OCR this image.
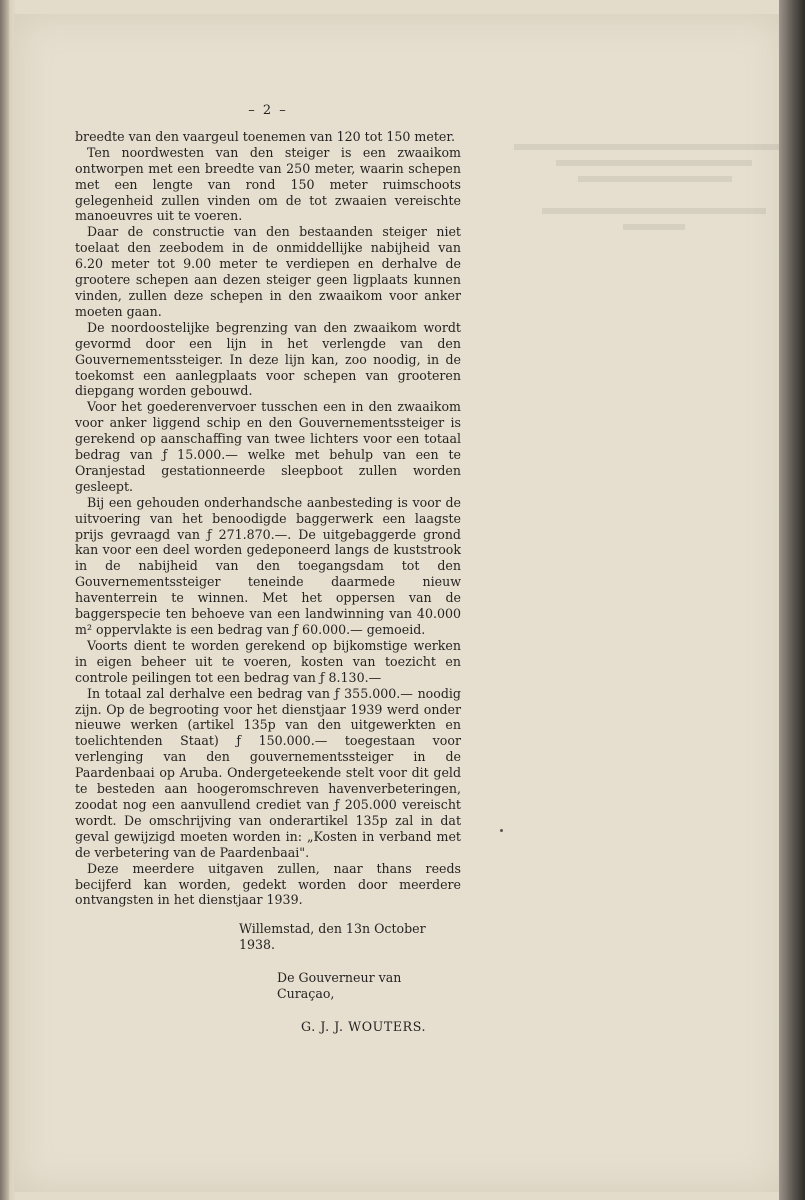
– 2 –

breedte van den vaargeul toenemen van 120 tot 150 meter.

Ten noordwesten van den steiger is een zwaaikom ontworpen met een breedte van 250 meter, waarin schepen met een lengte van rond 150 meter ruimschoots gelegenheid zullen vinden om de tot zwaaien vereischte manoeuvres uit te voeren.

Daar de constructie van den bestaanden steiger niet toelaat den zeebodem in de onmiddellijke nabijheid van 6.20 meter tot 9.00 meter te verdiepen en derhalve de grootere schepen aan dezen steiger geen ligplaats kunnen vinden, zullen deze schepen in den zwaaikom voor anker moeten gaan.

De noordoostelijke begrenzing van den zwaaikom wordt gevormd door een lijn in het verlengde van den Gouvernementssteiger. In deze lijn kan, zoo noodig, in de toekomst een aanlegplaats voor schepen van grooteren diepgang worden gebouwd.

Voor het goederenvervoer tusschen een in den zwaaikom voor anker liggend schip en den Gouvernementssteiger is gerekend op aanschaffing van twee lichters voor een totaal bedrag van ƒ 15.000.— welke met behulp van een te Oranjestad gestationneerde sleepboot zullen worden gesleept.

Bij een gehouden onderhandsche aanbesteding is voor de uitvoering van het benoodigde baggerwerk een laagste prijs gevraagd van ƒ 271.870.—. De uitgebaggerde grond kan voor een deel worden gedeponeerd langs de kuststrook in de nabijheid van den toegangsdam tot den Gouvernementssteiger teneinde daarmede nieuw haventerrein te winnen. Met het oppersen van de baggerspecie ten behoeve van een landwinning van 40.000 m² oppervlakte is een bedrag van ƒ 60.000.— gemoeid.

Voorts dient te worden gerekend op bijkomstige werken in eigen beheer uit te voeren, kosten van toezicht en controle peilingen tot een bedrag van ƒ 8.130.—

In totaal zal derhalve een bedrag van ƒ 355.000.— noodig zijn. Op de begrooting voor het dienstjaar 1939 werd onder nieuwe werken (artikel 135p van den uitgewerkten en toelichtenden Staat) ƒ 150.000.— toegestaan voor verlenging van den gouvernementssteiger in de Paardenbaai op Aruba. Ondergeteekende stelt voor dit geld te besteden aan hoogeromschreven havenverbeteringen, zoodat nog een aanvullend crediet van ƒ 205.000 vereischt wordt. De omschrijving van onderartikel 135p zal in dat geval gewijzigd moeten worden in: „Kosten in verband met de verbetering van de Paardenbaai".

Deze meerdere uitgaven zullen, naar thans reeds becijferd kan worden, gedekt worden door meerdere ontvangsten in het dienstjaar 1939.

Willemstad, den 13n October 1938.
De Gouverneur van Curaçao,
G. J. J. WOUTERS.
